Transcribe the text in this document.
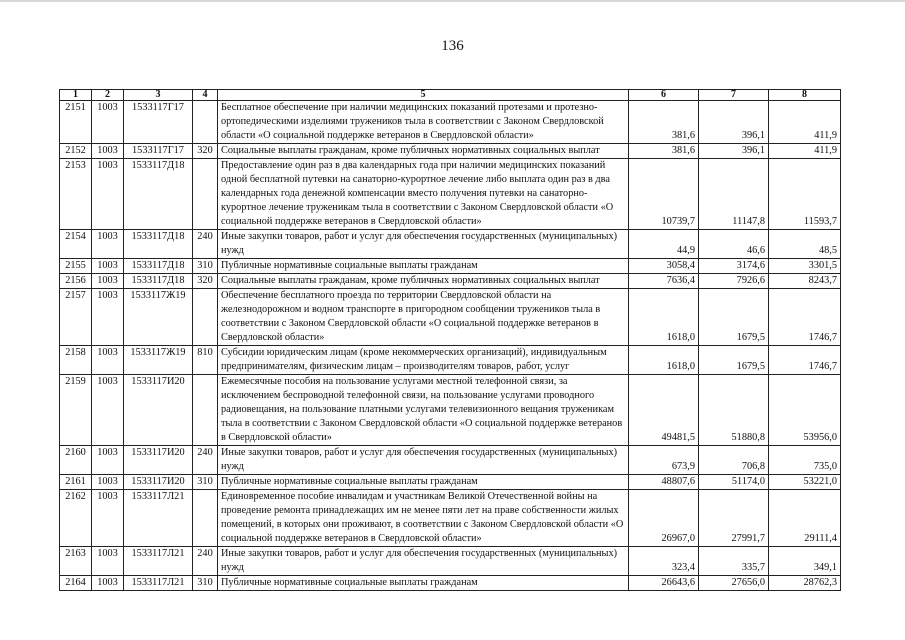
136
1	2	3	4	5	6	7	8
2151	1003	1533117Г17		Бесплатное обеспечение при наличии медицинских показаний протезами и протезно-ортопедическими изделиями тружеников тыла в соответствии с Законом Свердловской области «О социальной поддержке ветеранов в Свердловской области»	381,6	396,1	411,9
2152	1003	1533117Г17	320	Социальные выплаты гражданам, кроме публичных нормативных социальных выплат	381,6	396,1	411,9
2153	1003	1533117Д18		Предоставление один раз в два календарных года при наличии медицинских показаний одной бесплатной путевки на санаторно-курортное лечение либо выплата один раз в два календарных года денежной компенсации вместо получения путевки на санаторно-курортное лечение труженикам тыла в соответствии с Законом Свердловской области «О социальной поддержке ветеранов в Свердловской области»	10739,7	11147,8	11593,7
2154	1003	1533117Д18	240	Иные закупки товаров, работ и услуг для обеспечения государственных (муниципальных) нужд	44,9	46,6	48,5
2155	1003	1533117Д18	310	Публичные нормативные социальные выплаты гражданам	3058,4	3174,6	3301,5
2156	1003	1533117Д18	320	Социальные выплаты гражданам, кроме публичных нормативных социальных выплат	7636,4	7926,6	8243,7
2157	1003	1533117Ж19		Обеспечение бесплатного проезда по территории Свердловской области на железнодорожном и водном транспорте в пригородном сообщении тружеников тыла в соответствии с Законом Свердловской области «О социальной поддержке ветеранов в Свердловской области»	1618,0	1679,5	1746,7
2158	1003	1533117Ж19	810	Субсидии юридическим лицам (кроме некоммерческих организаций), индивидуальным предпринимателям, физическим лицам – производителям товаров, работ, услуг	1618,0	1679,5	1746,7
2159	1003	1533117И20		Ежемесячные пособия на пользование услугами местной телефонной связи, за исключением беспроводной телефонной связи, на пользование услугами проводного радиовещания, на пользование платными услугами телевизионного вещания труженикам тыла в соответствии с Законом Свердловской области «О социальной поддержке ветеранов в Свердловской области»	49481,5	51880,8	53956,0
2160	1003	1533117И20	240	Иные закупки товаров, работ и услуг для обеспечения государственных (муниципальных) нужд	673,9	706,8	735,0
2161	1003	1533117И20	310	Публичные нормативные социальные выплаты гражданам	48807,6	51174,0	53221,0
2162	1003	1533117Л21		Единовременное пособие инвалидам и участникам Великой Отечественной войны на проведение ремонта принадлежащих им не менее пяти лет на праве собственности жилых помещений, в которых они проживают, в соответствии с Законом Свердловской области «О социальной поддержке ветеранов в Свердловской области»	26967,0	27991,7	29111,4
2163	1003	1533117Л21	240	Иные закупки товаров, работ и услуг для обеспечения государственных (муниципальных) нужд	323,4	335,7	349,1
2164	1003	1533117Л21	310	Публичные нормативные социальные выплаты гражданам	26643,6	27656,0	28762,3
